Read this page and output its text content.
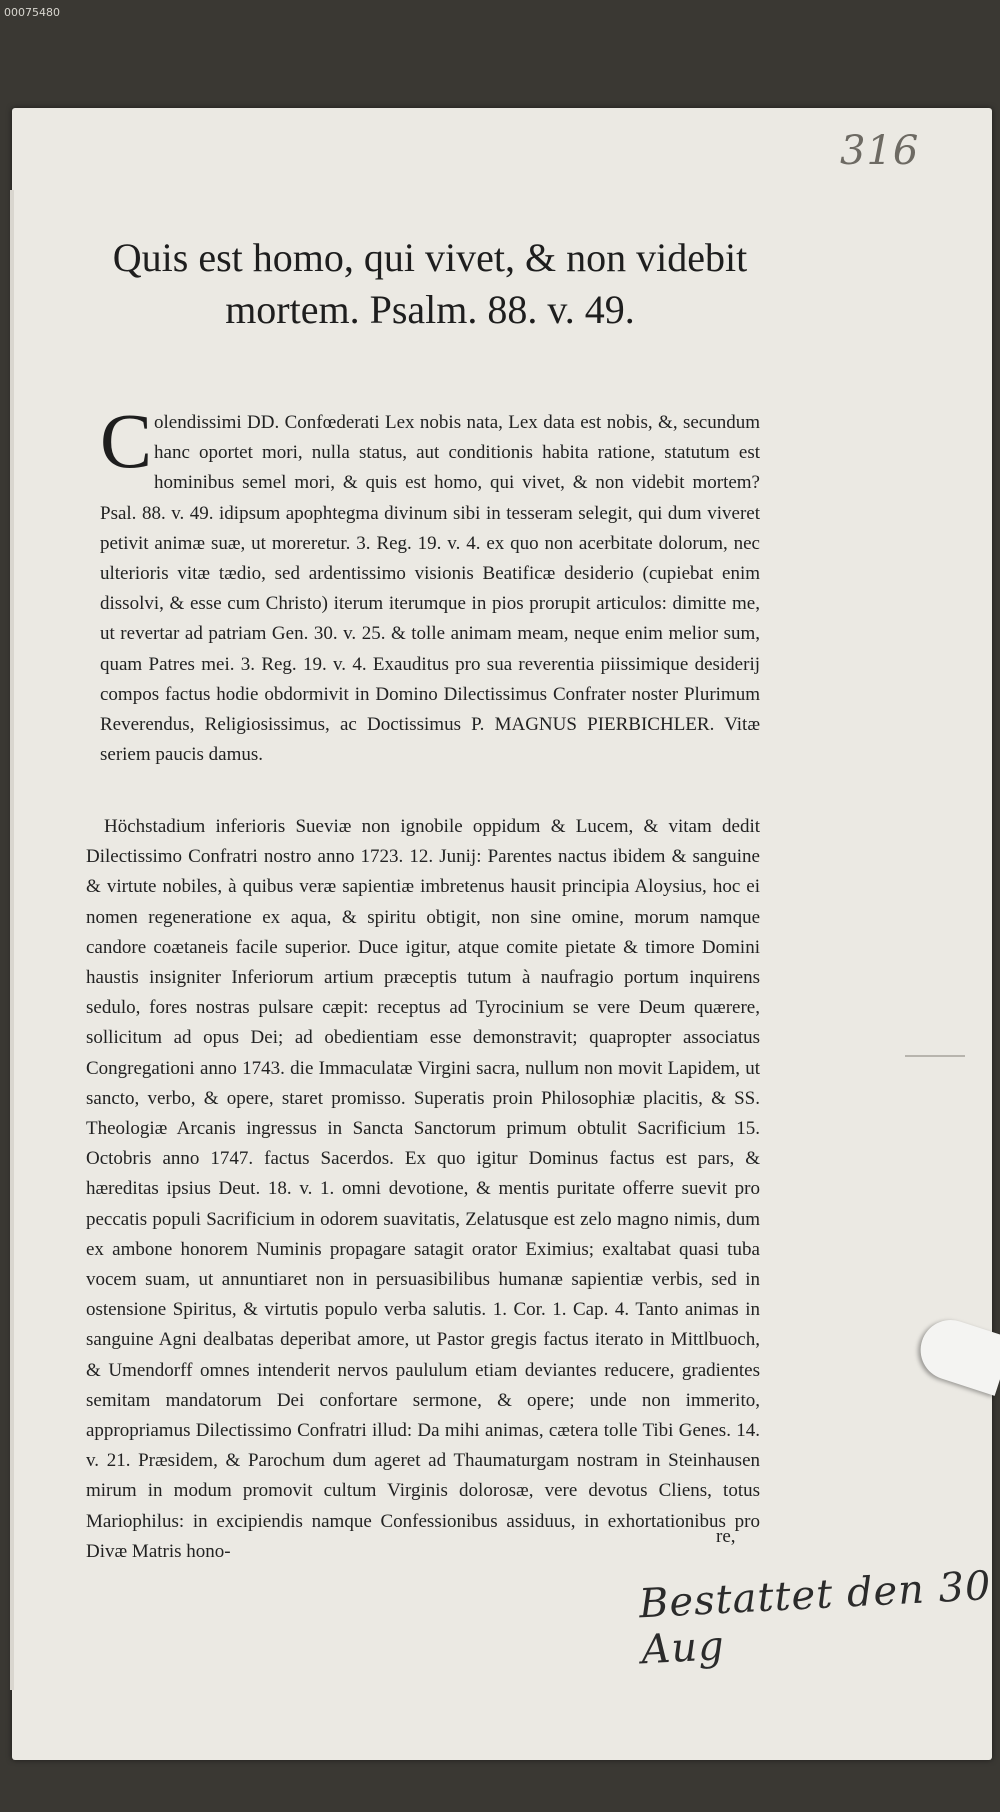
00075480
316
Quis est homo, qui vivet, & non videbit
mortem. Psalm. 88. v. 49.
C olendissimi DD. Confœderati Lex nobis nata, Lex data est nobis, &, secundum hanc oportet mori, nulla status, aut conditionis habita ratione, statutum est hominibus semel mori, & quis est homo, qui vivet, & non videbit mortem? Psal. 88. v. 49. idipsum apophtegma divinum sibi in tesseram selegit, qui dum viveret petivit animæ suæ, ut moreretur. 3. Reg. 19. v. 4. ex quo non acerbitate dolorum, nec ulterioris vitæ tædio, sed ardentissimo visionis Beatificæ desiderio (cupiebat enim dissolvi, & esse cum Christo) iterum iterumque in pios prorupit articulos: dimitte me, ut revertar ad patriam Gen. 30. v. 25. & tolle animam meam, neque enim melior sum, quam Patres mei. 3. Reg. 19. v. 4. Exauditus pro sua reverentia piissimique desiderij compos factus hodie obdormivit in Domino Dilectissimus Confrater noster Plurimum Reverendus, Religiosissimus, ac Doctissimus P. MAGNUS PIERBICHLER. Vitæ seriem paucis damus.

Höchstadium inferioris Sueviæ non ignobile oppidum & Lucem, & vitam dedit Dilectissimo Confratri nostro anno 1723. 12. Junij: Parentes nactus ibidem & sanguine & virtute nobiles, à quibus veræ sapientiæ imbretenus hausit principia Aloysius, hoc ei nomen regeneratione ex aqua, & spiritu obtigit, non sine omine, morum namque candore coætaneis facile superior. Duce igitur, atque comite pietate & timore Domini haustis insigniter Inferiorum artium præceptis tutum à naufragio portum inquirens sedulo, fores nostras pulsare cæpit: receptus ad Tyrocinium se vere Deum quærere, sollicitum ad opus Dei; ad obedientiam esse demonstravit; quapropter associatus Congregationi anno 1743. die Immaculatæ Virgini sacra, nullum non movit Lapidem, ut sancto, verbo, & opere, staret promisso. Superatis proin Philosophiæ placitis, & SS. Theologiæ Arcanis ingressus in Sancta Sanctorum primum obtulit Sacrificium 15. Octobris anno 1747. factus Sacerdos. Ex quo igitur Dominus factus est pars, & hæreditas ipsius Deut. 18. v. 1. omni devotione, & mentis puritate offerre suevit pro peccatis populi Sacrificium in odorem suavitatis, Zelatusque est zelo magno nimis, dum ex ambone honorem Numinis propagare satagit orator Eximius; exaltabat quasi tuba vocem suam, ut annuntiaret non in persuasibilibus humanæ sapientiæ verbis, sed in ostensione Spiritus, & virtutis populo verba salutis. 1. Cor. 1. Cap. 4. Tanto animas in sanguine Agni dealbatas deperibat amore, ut Pastor gregis factus iterato in Mittlbuoch, & Umendorff omnes intenderit nervos paululum etiam deviantes reducere, gradientes semitam mandatorum Dei confortare sermone, & opere; unde non immerito, appropriamus Dilectissimo Confratri illud: Da mihi animas, cætera tolle Tibi Genes. 14. v. 21. Præsidem, & Parochum dum ageret ad Thaumaturgam nostram in Steinhausen mirum in modum promovit cultum Virginis dolorosæ, vere devotus Cliens, totus Mariophilus: in excipiendis namque Confessionibus assiduus, in exhortationibus pro Divæ Matris hono-

re,
Bestattet den 30 Aug
